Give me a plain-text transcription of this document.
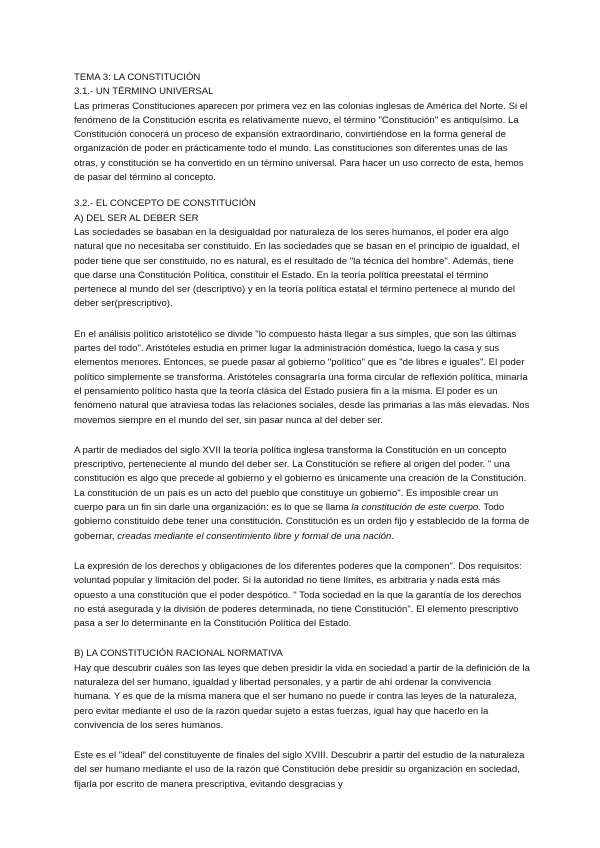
TEMA 3: LA CONSTITUCIÓN
3.1.- UN TÉRMINO UNIVERSAL

Las primeras Constituciones aparecen por primera vez en las colonias inglesas de América del Norte. Si el fenómeno de la Constitución escrita es relativamente nuevo, el término "Constitución" es antiquísimo. La Constitución conocerá un proceso de expansión extraordinario, convirtiéndose en la forma general de organización de poder en prácticamente todo el mundo. Las constituciones son diferentes unas de las otras, y constitución se ha convertido en un término universal. Para hacer un uso correcto de esta, hemos de pasar del término al concepto.

3.2.- EL CONCEPTO DE CONSTITUCIÓN
A) DEL SER AL DEBER SER

Las sociedades se basaban en la desigualdad por naturaleza de los seres humanos, el poder era algo natural que no necesitaba ser constituido. En las sociedades que se basan en el principio de igualdad, el poder tiene que ser constituido, no es natural, es el resultado de "la técnica del hombre". Además, tiene que darse una Constitución Política, constituir el Estado. En la teoría política preestatal el término pertenece al mundo del ser (descriptivo) y en la teoría política estatal el término pertenece al mundo del deber ser(prescriptivo).

En el análisis político aristotélico se divide "lo compuesto hasta llegar a sus simples, que son las últimas partes del todo". Aristóteles estudia en primer lugar la administración doméstica, luego la casa y sus elementos menores. Entonces, se puede pasar al gobierno "político" que es "de libres e iguales". El poder político simplemente se transforma. Aristóteles consagraría una forma circular de reflexión política, minaría el pensamiento político hasta que la teoría clásica del Estado pusiera fin a la misma. El poder es un fenómeno natural que atraviesa todas las relaciones sociales, desde las primarias a las más elevadas. Nos movemos siempre en el mundo del ser, sin pasar nunca al del deber ser.

A partir de mediados del siglo XVII la teoría política inglesa transforma la Constitución en un concepto prescriptivo, perteneciente al mundo del deber ser. La Constitución se refiere al origen del poder. " una constitución es algo que precede al gobierno y el gobierno es únicamente una creación de la Constitución. La constitución de un país es un acto del pueblo que constituye un gobierno". Es imposible crear un cuerpo para un fin sin darle una organización: es lo que se llama la constitución de este cuerpo. Todo gobierno constituido debe tener una constitución. Constitución es un orden fijo y establecido de la forma de gobernar, creadas mediante el consentimiento libre y formal de una nación.

La expresión de los derechos y obligaciones de los diferentes poderes que la componen". Dos requisitos: voluntad popular y limitación del poder. Si la autoridad no tiene límites, es arbitraria y nada está más opuesto a una constitución que el poder despótico. " Toda sociedad en la que la garantía de los derechos no está asegurada y la división de poderes determinada, no tiene Constitución". El elemento prescriptivo pasa a ser lo determinante en la Constitución Política del Estado.

B) LA CONSTITUCIÓN RACIONAL NORMATIVA

Hay que descubrir cuáles son las leyes que deben presidir la vida en sociedad a partir de la definición de la naturaleza del ser humano, igualdad y libertad personales, y a partir de ahí ordenar la convivencia humana. Y es que de la misma manera que el ser humano no puede ir contra las leyes de la naturaleza, pero evitar mediante el uso de la razón quedar sujeto a estas fuerzas, igual hay que hacerlo en la convivencia de los seres humanos.

Este es el "ideal" del constituyente de finales del siglo XVIII. Descubrir a partir del estudio de la naturaleza del ser humano mediante el uso de la razón qué Constitución debe presidir su organización en sociedad, fijarla por escrito de manera prescriptiva, evitando desgracias y
